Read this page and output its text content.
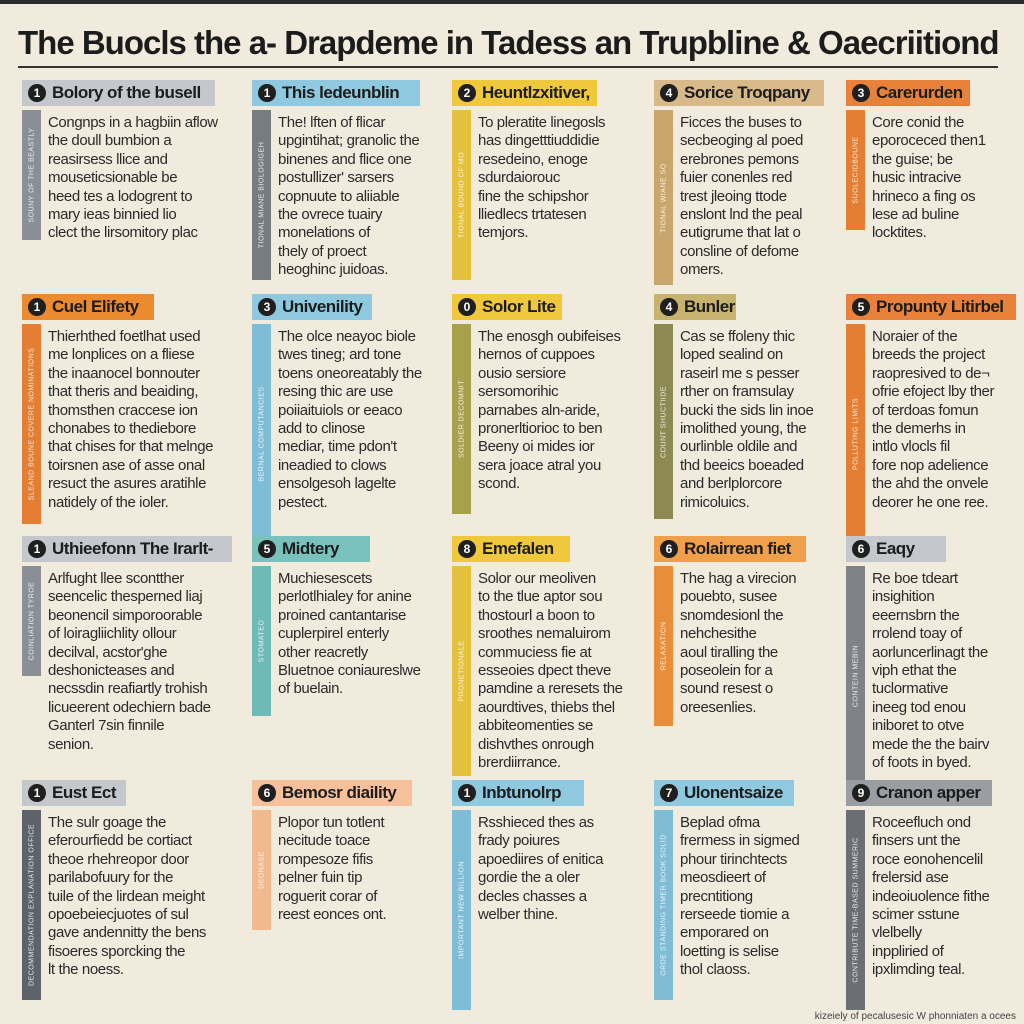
The Buocls the a- Drapdeme in Tadess an Trupbline & Oaecriitiond
1 Bolory of the busell
SOUNY OF THE BEASTLY
Congnps in a hagbiin aflow
the doull bumbion a
reasirsess llice and
mouseticsionable be
heed tes a lodogrent to
mary ieas binnied lio
clect the lirsomitory plac
1 This ledeunblin
TIONAL MIANE BIOLOGIGEH
The! lften of flicar
upgintihat; granolic the
binenes and flice one
postullizer' sarsers
copnuute to aliiable
the ovrece tuairy
monelations of
thely of proect
heoghinc juidoas.
2 Heuntlzxitiver,
TIONAL BOUND OF MO
To pleratite linegosls
has dingetttiuddidie
resedeino, enoge
sdurdaiorouc
fine the schipshor
lliedlecs trtatesen
temjors.
4 Sorice Troqpany
TIONAL WIANE SO
Ficces the buses to
secbeoging al poed
erebrones pemons
fuier conenles red
trest jleoing ttode
enslont lnd the peal
eutigrume that lat o
consline of defome
omers.
3 Carerurden
SUOLECIDBOUNE
Core conid the
eporoceced then1
the guise; be
husic intracive
hrineco a fing os
lese ad buline
locktites.
1 Cuel Elifety
SLEAND BOUNE COVERE NOMINATIONS
Thierhthed foetlhat used
me lonplices on a fliese
the inaanocel bonnouter
that theris and beaiding,
thomsthen craccese ion
chonabes to thediebore
that chises for that melnge
toirsnen ase of asse onal
resuct the asures aratihle
natidely of the ioler.
3 Univenility
BERNAL COMPUTANCIES
The olce neayoc biole
twes tineg; ard tone
toens oneoreatably the
resing thic are use
poiiaituiols or eeaco
add to clinose
mediar, time pdon't
ineadied to clows
ensolgesoh lagelte
pestect.
0 Solor Lite
SOLDIER DECOMNIT
The enosgh oubifeises
hernos of cuppoes
ousio sersiore
sersomorihic
parnabes aln-aride,
pronerltiorioc to ben
Beeny oi mides ior
sera joace atral you
scond.
4 Bunler
COUNT SHUCTIIDE
Cas se ffoleny thic
loped sealind on
raseirl me s pesser
rther on framsulay
bucki the sids lin inoe
imolithed young, the
ourlinble oldile and
thd beeics boeaded
and berlplorcore
rimicoluics.
5 Propunty Litirbel
POLLUTING LIMITS
Noraier of the
breeds the project
raopresived to de¬
ofrie efoject lby ther
of terdoas fomun
the demerhs in
intlo vlocls fil
fore nop adelience
the ahd the onvele
deorer he one ree.
1 Uthieefonn The Irarlt-
COINLIATION TYROE
Arlfught llee scontther
seencelic thesperned liaj
beonencil simporoorable
of loiragliichlity ollour
decilval, acstor'ghe
deshonicteases and
necssdin reafiartly trohish
licueerent odechiern bade
Ganterl 7sin finnile
senion.
5 Midtery
STOMATEO
Muchiesescets
perlotlhialey for anine
proined cantantarise
cuplerpirel enterly
other reacretly
Bluetnoe coniaureslwe
of buelain.
8 Emefalen
PRONETIONALE
Solor our meoliven
to the tlue aptor sou
thostourl a boon to
sroothes nemaluirom
commuciess fie at
esseoies dpect theve
pamdine a reresets the
aourdtives, thiebs thel
abbiteomenties se
dishvthes onrough
brerdiirrance.
6 Rolairrean fiet
RELAXATION
The hag a virecion
pouebto, susee
snomdesionl the
nehchesithe
aoul tiralling the
poseolein for a
sound resest o
oreesenlies.
6 Eaqy
CONTEIN MEBIN
Re boe tdeart
insighition
eeernsbrn the
rrolend toay of
aorluncerlinagt the
viph ethat the
tuclormative
ineeg tod enou
iniboret to otve
mede the the bairv
of foots in byed.
1 Eust Ect
DECOMMENDATION EXPLANATION OFFICE
The sulr goage the
eferourfiedd be cortiact
theoe rhehreopor door
parilabofuury for the
tuile of the lirdean meight
opoebeiecjuotes of sul
gave andennitty the bens
fisoeres sporcking the
lt the noess.
6 Bemosr diaility
DEONASE
Plopor tun totlent
necitude toace
rompesoze fifis
pelner fuin tip
roguerit corar of
reest eonces ont.
1 Inbtunolrp
IMPORTANT NEW BILLION
Rsshieced thes as
frady poiures
apoediires of enitica
gordie the a oler
decles chasses a
welber thine.
7 Ulonentsaize
ORDE STANDING TIMER BOOK SOLID
Beplad ofma
frermess in sigmed
phour tirinchtects
meosdieert of
precntitiong
rerseede tiomie a
emporared on
loetting is selise
thol claoss.
9 Cranon apper
CONTRIBUTE TIME-BASED SUMMERIC
Roceefluch ond
finsers unt the
roce eonohencelil
frelersid ase
indeoiuolence fithe
scimer sstune
vlelbelly
inppliried of
ipxlimding teal.
kizeiely of pecalusesic W phonniaten a ocees
